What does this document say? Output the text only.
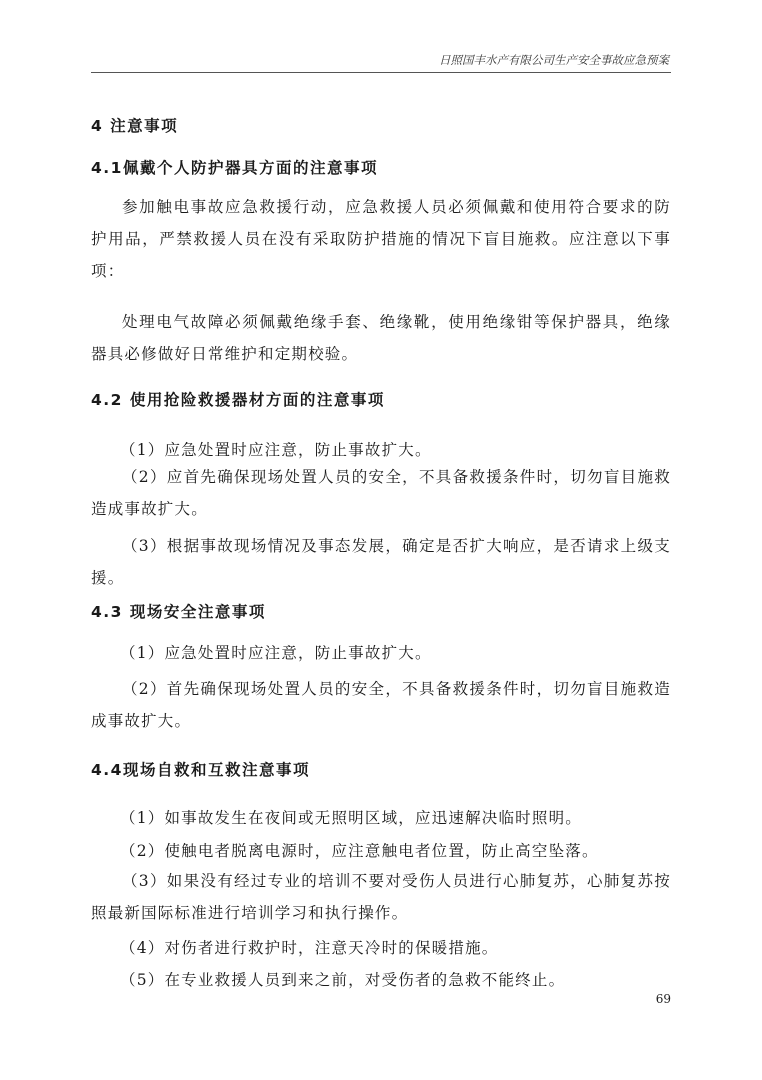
日照国丰水产有限公司生产安全事故应急预案
4 注意事项
4.1佩戴个人防护器具方面的注意事项
参加触电事故应急救援行动，应急救援人员必须佩戴和使用符合要求的防护用品，严禁救援人员在没有采取防护措施的情况下盲目施救。应注意以下事项：
处理电气故障必须佩戴绝缘手套、绝缘靴，使用绝缘钳等保护器具，绝缘器具必修做好日常维护和定期校验。
4.2 使用抢险救援器材方面的注意事项
（1）应急处置时应注意，防止事故扩大。
（2）应首先确保现场处置人员的安全，不具备救援条件时，切勿盲目施救造成事故扩大。
（3）根据事故现场情况及事态发展，确定是否扩大响应，是否请求上级支援。
4.3 现场安全注意事项
（1）应急处置时应注意，防止事故扩大。
（2）首先确保现场处置人员的安全，不具备救援条件时，切勿盲目施救造成事故扩大。
4.4现场自救和互救注意事项
（1）如事故发生在夜间或无照明区域，应迅速解决临时照明。
（2）使触电者脱离电源时，应注意触电者位置，防止高空坠落。
（3）如果没有经过专业的培训不要对受伤人员进行心肺复苏，心肺复苏按照最新国际标准进行培训学习和执行操作。
（4）对伤者进行救护时，注意天冷时的保暖措施。
（5）在专业救援人员到来之前，对受伤者的急救不能终止。
69
